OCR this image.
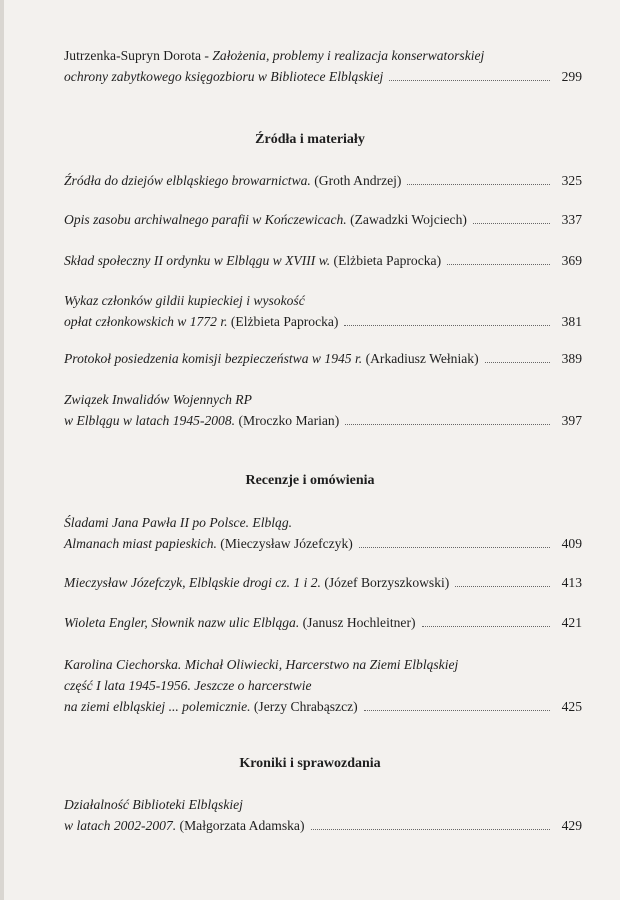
Jutrzenka-Supryn Dorota - Założenia, problemy i realizacja konserwatorskiej
ochrony zabytkowego księgozbioru w Bibliotece Elbląskiej	299
Źródła i materiały
Źródła do dziejów elbląskiego browarnictwa. (Groth Andrzej)	325
Opis zasobu archiwalnego parafii w Kończewicach. (Zawadzki Wojciech)	337
Skład społeczny II ordynku w Elblągu w XVIII w. (Elżbieta Paprocka)	369
Wykaz członków gildii kupieckiej i wysokość
opłat członkowskich w 1772 r. (Elżbieta Paprocka)	381
Protokoł posiedzenia komisji bezpieczeństwa w 1945 r. (Arkadiusz Wełniak)	389
Związek Inwalidów Wojennych RP
w Elblągu w latach 1945-2008. (Mroczko Marian)	397
Recenzje i omówienia
Śladami Jana Pawła II po Polsce. Elbląg.
Almanach miast papieskich. (Mieczysław Józefczyk)	409
Mieczysław Józefczyk, Elbląskie drogi cz. 1 i 2. (Józef Borzyszkowski)	413
Wioleta Engler, Słownik nazw ulic Elbląga. (Janusz Hochleitner)	421
Karolina Ciechorska. Michał Oliwiecki, Harcerstwo na Ziemi Elbląskiej
część I lata 1945-1956. Jeszcze o harcerstwie
na ziemi elbląskiej ... polemicznie. (Jerzy Chrabąszcz)	425
Kroniki i sprawozdania
Działalność Biblioteki Elbląskiej
w latach 2002-2007. (Małgorzata Adamska)	429
